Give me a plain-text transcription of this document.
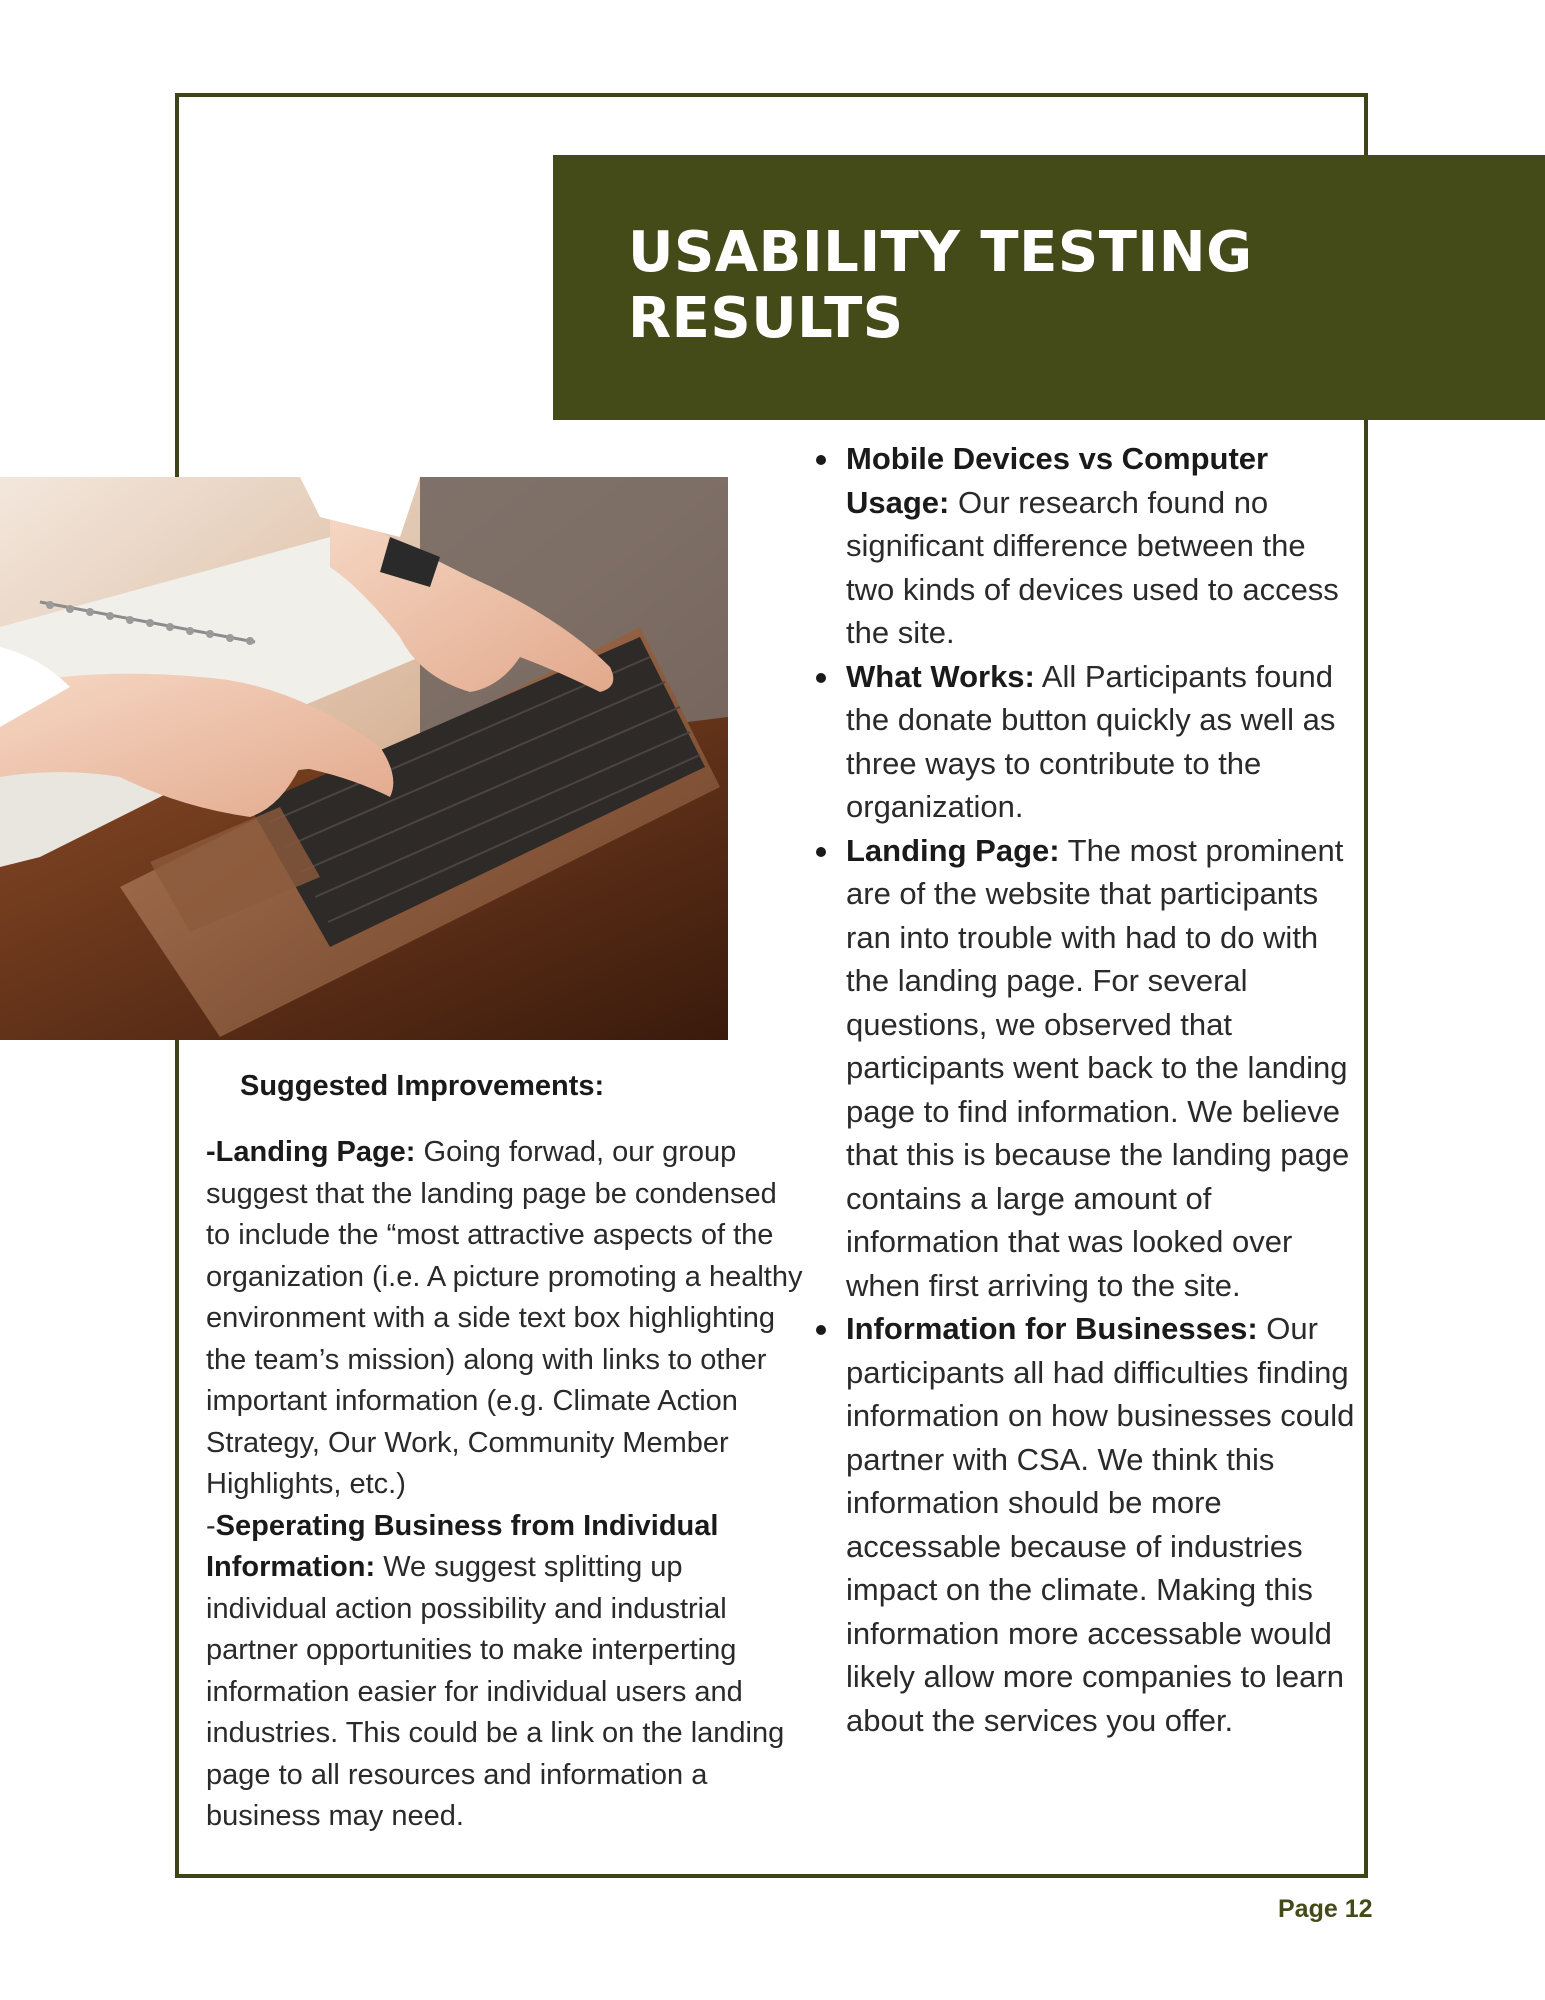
USABILITY TESTING
RESULTS
Mobile Devices vs Computer Usage: Our research found no significant difference between the two kinds of devices used to access the site.
What Works: All Participants found the donate button quickly as well as three ways to contribute to the organization.
Landing Page: The most prominent are of the website that participants ran into trouble with had to do with the landing page. For several questions, we observed that participants went back to the landing page to find information. We believe that this is because the landing page contains a large amount of information that was looked over when first arriving to the site.
Information for Businesses: Our participants all had difficulties finding information on how businesses could partner with CSA. We think this information should be more accessable because of industries impact on the climate. Making this information more accessable would likely allow more companies to learn about the services you offer.
Suggested Improvements:

-Landing Page: Going forwad, our group suggest that the landing page be condensed to include the “most attractive aspects of the organization (i.e. A picture promoting a healthy environment with a side text box highlighting the team’s mission) along with links to other important information (e.g. Climate Action Strategy, Our Work, Community Member Highlights, etc.)

-Seperating Business from Individual Information: We suggest splitting up individual action possibility and industrial partner opportunities to make interperting information easier for individual users and industries. This could be a link on the landing page to all resources and information a business may need.

Page 12
